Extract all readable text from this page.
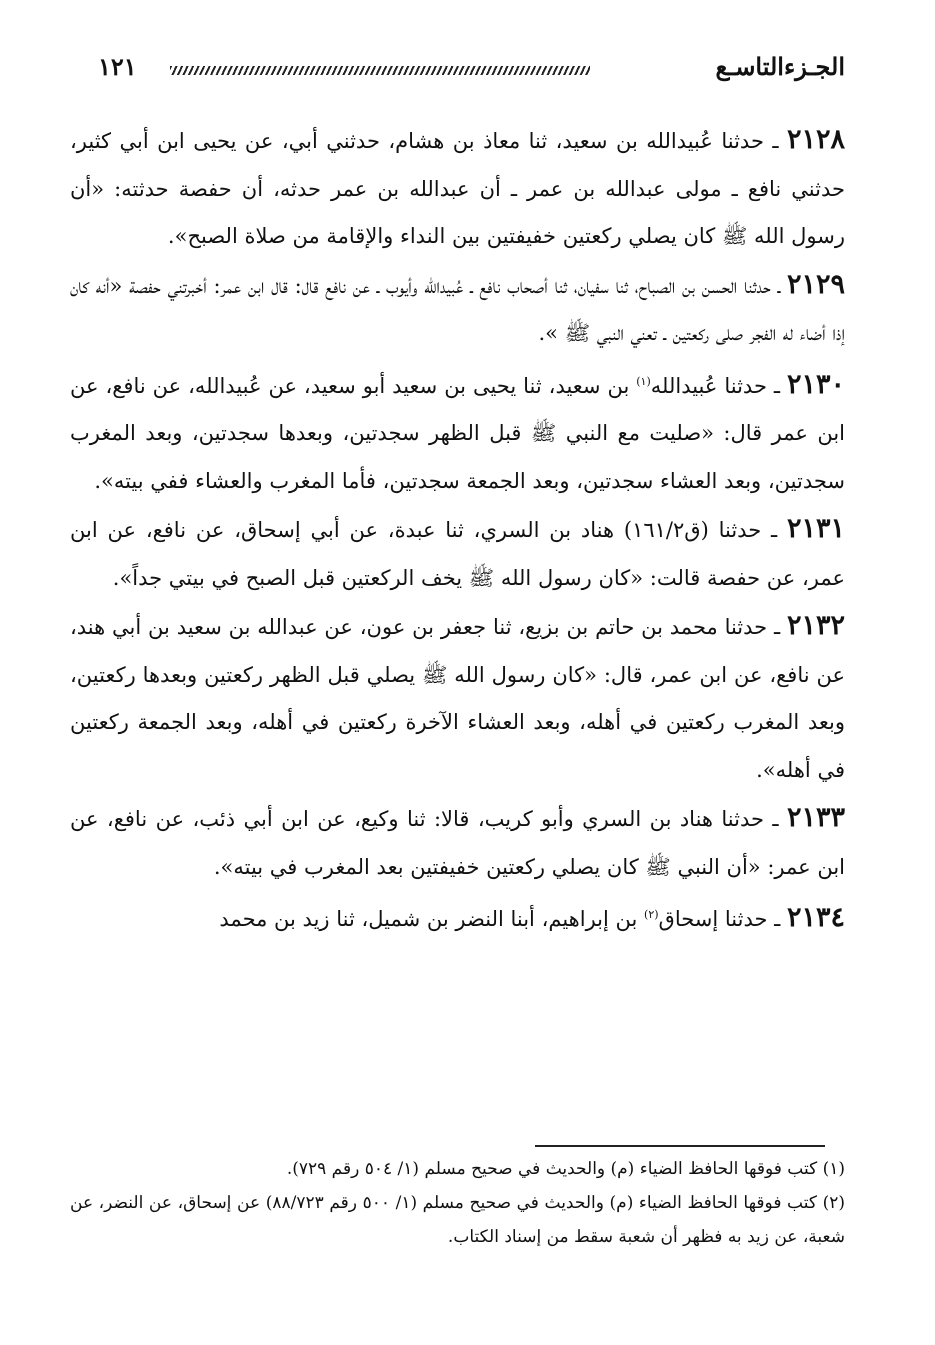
الجـزءالتاسـع
١٢١

٢١٢٨ ـ حدثنا عُبيدالله بن سعيد، ثنا معاذ بن هشام، حدثني أبي، عن يحيى ابن أبي كثير، حدثني نافع ـ مولى عبدالله بن عمر ـ أن عبدالله بن عمر حدثه، أن حفصة حدثته: «أن رسول الله ﷺ كان يصلي ركعتين خفيفتين بين النداء والإقامة من صلاة الصبح».

٢١٢٩ ـ حدثنا الحسن بن الصباح، ثنا سفيان، ثنا أصحاب نافع ـ عُبيدالله وأيوب ـ عن نافع قال: قال ابن عمر: أخبرتني حفصة «أنه كان إذا أضاء له الفجر صلى ركعتين ـ تعني النبي ﷺ ».

٢١٣٠ ـ حدثنا عُبيدالله$^{(١)}$ بن سعيد، ثنا يحيى بن سعيد أبو سعيد، عن عُبيدالله، عن نافع، عن ابن عمر قال: «صليت مع النبي ﷺ قبل الظهر سجدتين، وبعدها سجدتين، وبعد المغرب سجدتين، وبعد العشاء سجدتين، وبعد الجمعة سجدتين، فأما المغرب والعشاء ففي بيته».

٢١٣١ ـ حدثنا (ق١٦١/٢) هناد بن السري، ثنا عبدة، عن أبي إسحاق، عن نافع، عن ابن عمر، عن حفصة قالت: «كان رسول الله ﷺ يخف الركعتين قبل الصبح في بيتي جداً».

٢١٣٢ ـ حدثنا محمد بن حاتم بن بزيع، ثنا جعفر بن عون، عن عبدالله بن سعيد بن أبي هند، عن نافع، عن ابن عمر، قال: «كان رسول الله ﷺ يصلي قبل الظهر ركعتين وبعدها ركعتين، وبعد المغرب ركعتين في أهله، وبعد العشاء الآخرة ركعتين في أهله، وبعد الجمعة ركعتين في أهله».

٢١٣٣ ـ حدثنا هناد بن السري وأبو كريب، قالا: ثنا وكيع، عن ابن أبي ذئب، عن نافع، عن ابن عمر: «أن النبي ﷺ كان يصلي ركعتين خفيفتين بعد المغرب في بيته».

٢١٣٤ ـ حدثنا إسحاق$^{(٢)}$ بن إبراهيم، أبنا النضر بن شميل، ثنا زيد بن محمد

(١) كتب فوقها الحافظ الضياء (م) والحديث في صحيح مسلم (١/ ٥٠٤ رقم ٧٢٩).

(٢) كتب فوقها الحافظ الضياء (م) والحديث في صحيح مسلم (١/ ٥٠٠ رقم ٨٨/٧٢٣) عن إسحاق، عن النضر، عن شعبة، عن زيد به فظهر أن شعبة سقط من إسناد الكتاب.
